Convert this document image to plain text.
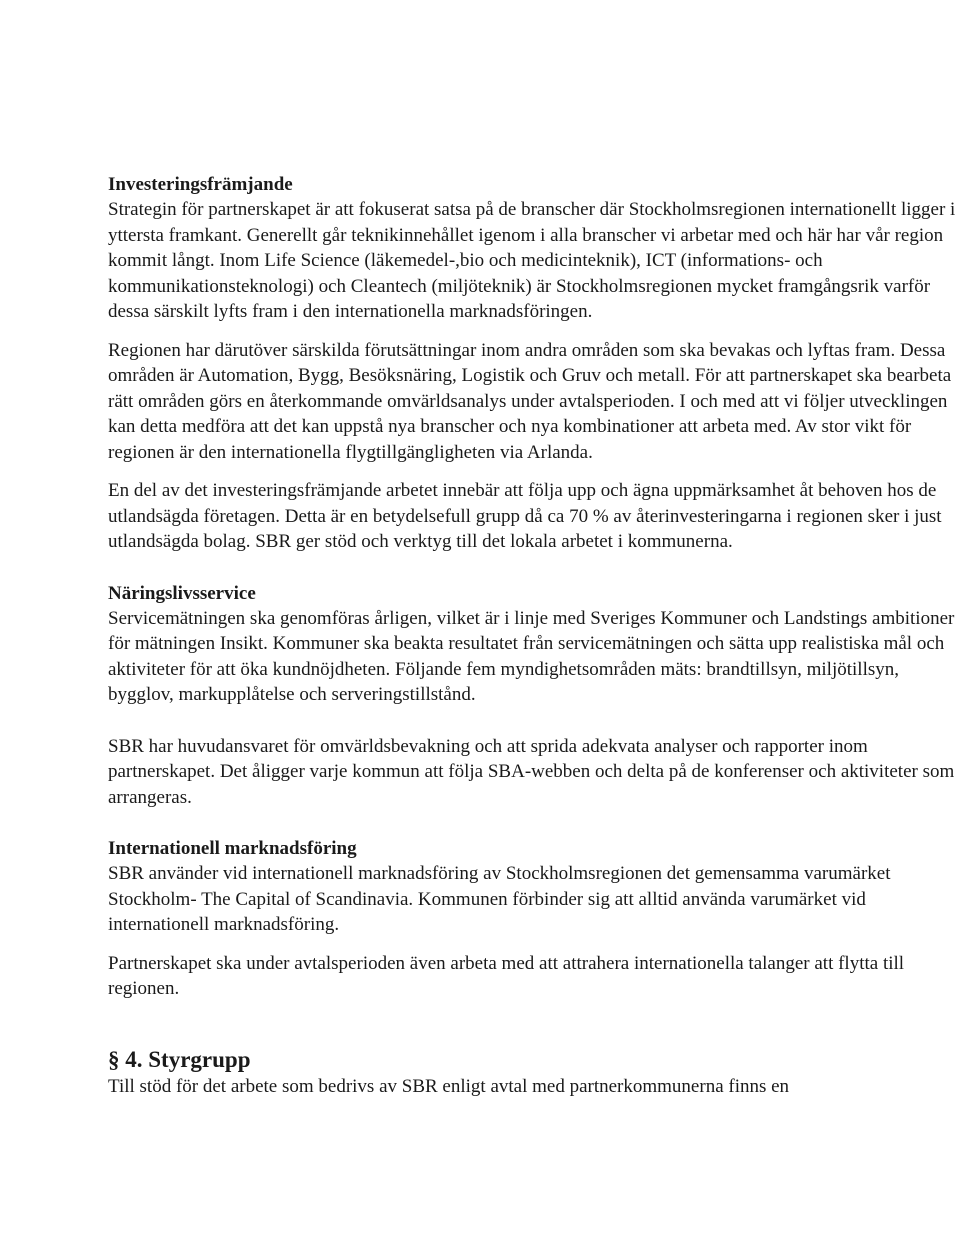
Investeringsfrämjande

Strategin för partnerskapet är att fokuserat satsa på de branscher där Stockholmsregionen internationellt ligger i yttersta framkant. Generellt går teknikinnehållet igenom i alla branscher vi arbetar med och här har vår region kommit långt. Inom Life Science (läkemedel-,bio och medicinteknik), ICT (informations- och kommunikationsteknologi) och Cleantech (miljöteknik) är Stockholmsregionen mycket framgångsrik varför dessa särskilt lyfts fram i den internationella marknadsföringen.

Regionen har därutöver särskilda förutsättningar inom andra områden som ska bevakas och lyftas fram. Dessa områden är Automation, Bygg, Besöksnäring, Logistik och Gruv och metall. För att partnerskapet ska bearbeta rätt områden görs en återkommande omvärldsanalys under avtalsperioden. I och med att vi följer utvecklingen kan detta medföra att det kan uppstå nya branscher och nya kombinationer att arbeta med. Av stor vikt för regionen är den internationella flygtillgängligheten via Arlanda.

En del av det investeringsfrämjande arbetet innebär att följa upp och ägna uppmärksamhet åt behoven hos de utlandsägda företagen. Detta är en betydelsefull grupp då ca 70 % av återinvesteringarna i regionen sker i just utlandsägda bolag. SBR ger stöd och verktyg till det lokala arbetet i kommunerna.

Näringslivsservice

Servicemätningen ska genomföras årligen, vilket är i linje med Sveriges Kommuner och Landstings ambitioner för mätningen Insikt. Kommuner ska beakta resultatet från servicemätningen och sätta upp realistiska mål och aktiviteter för att öka kundnöjdheten. Följande fem myndighetsområden mäts: brandtillsyn, miljötillsyn, bygglov, markupplåtelse och serveringstillstånd.

SBR har huvudansvaret för omvärldsbevakning och att sprida adekvata analyser och rapporter inom partnerskapet. Det åligger varje kommun att följa SBA-webben och delta på de konferenser och aktiviteter som arrangeras.

Internationell marknadsföring

SBR använder vid internationell marknadsföring av Stockholmsregionen det gemensamma varumärket Stockholm- The Capital of Scandinavia. Kommunen förbinder sig att alltid använda varumärket vid internationell marknadsföring.

Partnerskapet ska under avtalsperioden även arbeta med att attrahera internationella talanger att flytta till regionen.

§ 4. Styrgrupp

Till stöd för det arbete som bedrivs av SBR enligt avtal med partnerkommunerna finns en
